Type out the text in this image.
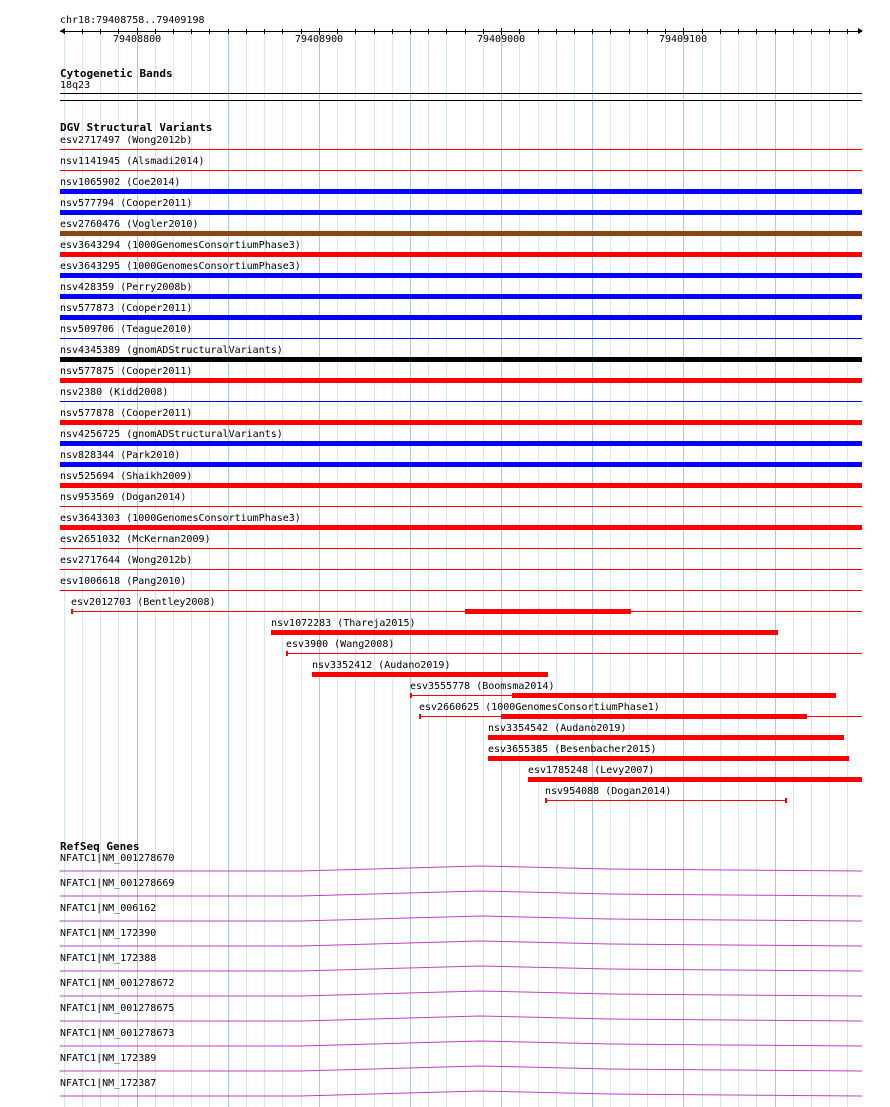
chr18:79408758..79409198
79408800	79408900	79409000	79409100
Cytogenetic Bands
18q23
DGV Structural Variants
esv2717497 (Wong2012b)
nsv1141945 (Alsmadi2014)
nsv1065902 (Coe2014)
nsv577794 (Cooper2011)
esv2760476 (Vogler2010)
esv3643294 (1000GenomesConsortiumPhase3)
esv3643295 (1000GenomesConsortiumPhase3)
nsv428359 (Perry2008b)
nsv577873 (Cooper2011)
nsv509706 (Teague2010)
nsv4345389 (gnomADStructuralVariants)
nsv577875 (Cooper2011)
nsv2380 (Kidd2008)
nsv577878 (Cooper2011)
nsv4256725 (gnomADStructuralVariants)
nsv828344 (Park2010)
nsv525694 (Shaikh2009)
nsv953569 (Dogan2014)
esv3643303 (1000GenomesConsortiumPhase3)
esv2651032 (McKernan2009)
esv2717644 (Wong2012b)
esv1006618 (Pang2010)
esv2012703 (Bentley2008)
nsv1072283 (Thareja2015)
esv3900 (Wang2008)
nsv3352412 (Audano2019)
esv3555778 (Boomsma2014)
esv2660625 (1000GenomesConsortiumPhase1)
nsv3354542 (Audano2019)
esv3655385 (Besenbacher2015)
esv1785248 (Levy2007)
nsv954088 (Dogan2014)
RefSeq Genes
NFATC1|NM_001278670
NFATC1|NM_001278669
NFATC1|NM_006162
NFATC1|NM_172390
NFATC1|NM_172388
NFATC1|NM_001278672
NFATC1|NM_001278675
NFATC1|NM_001278673
NFATC1|NM_172389
NFATC1|NM_172387
